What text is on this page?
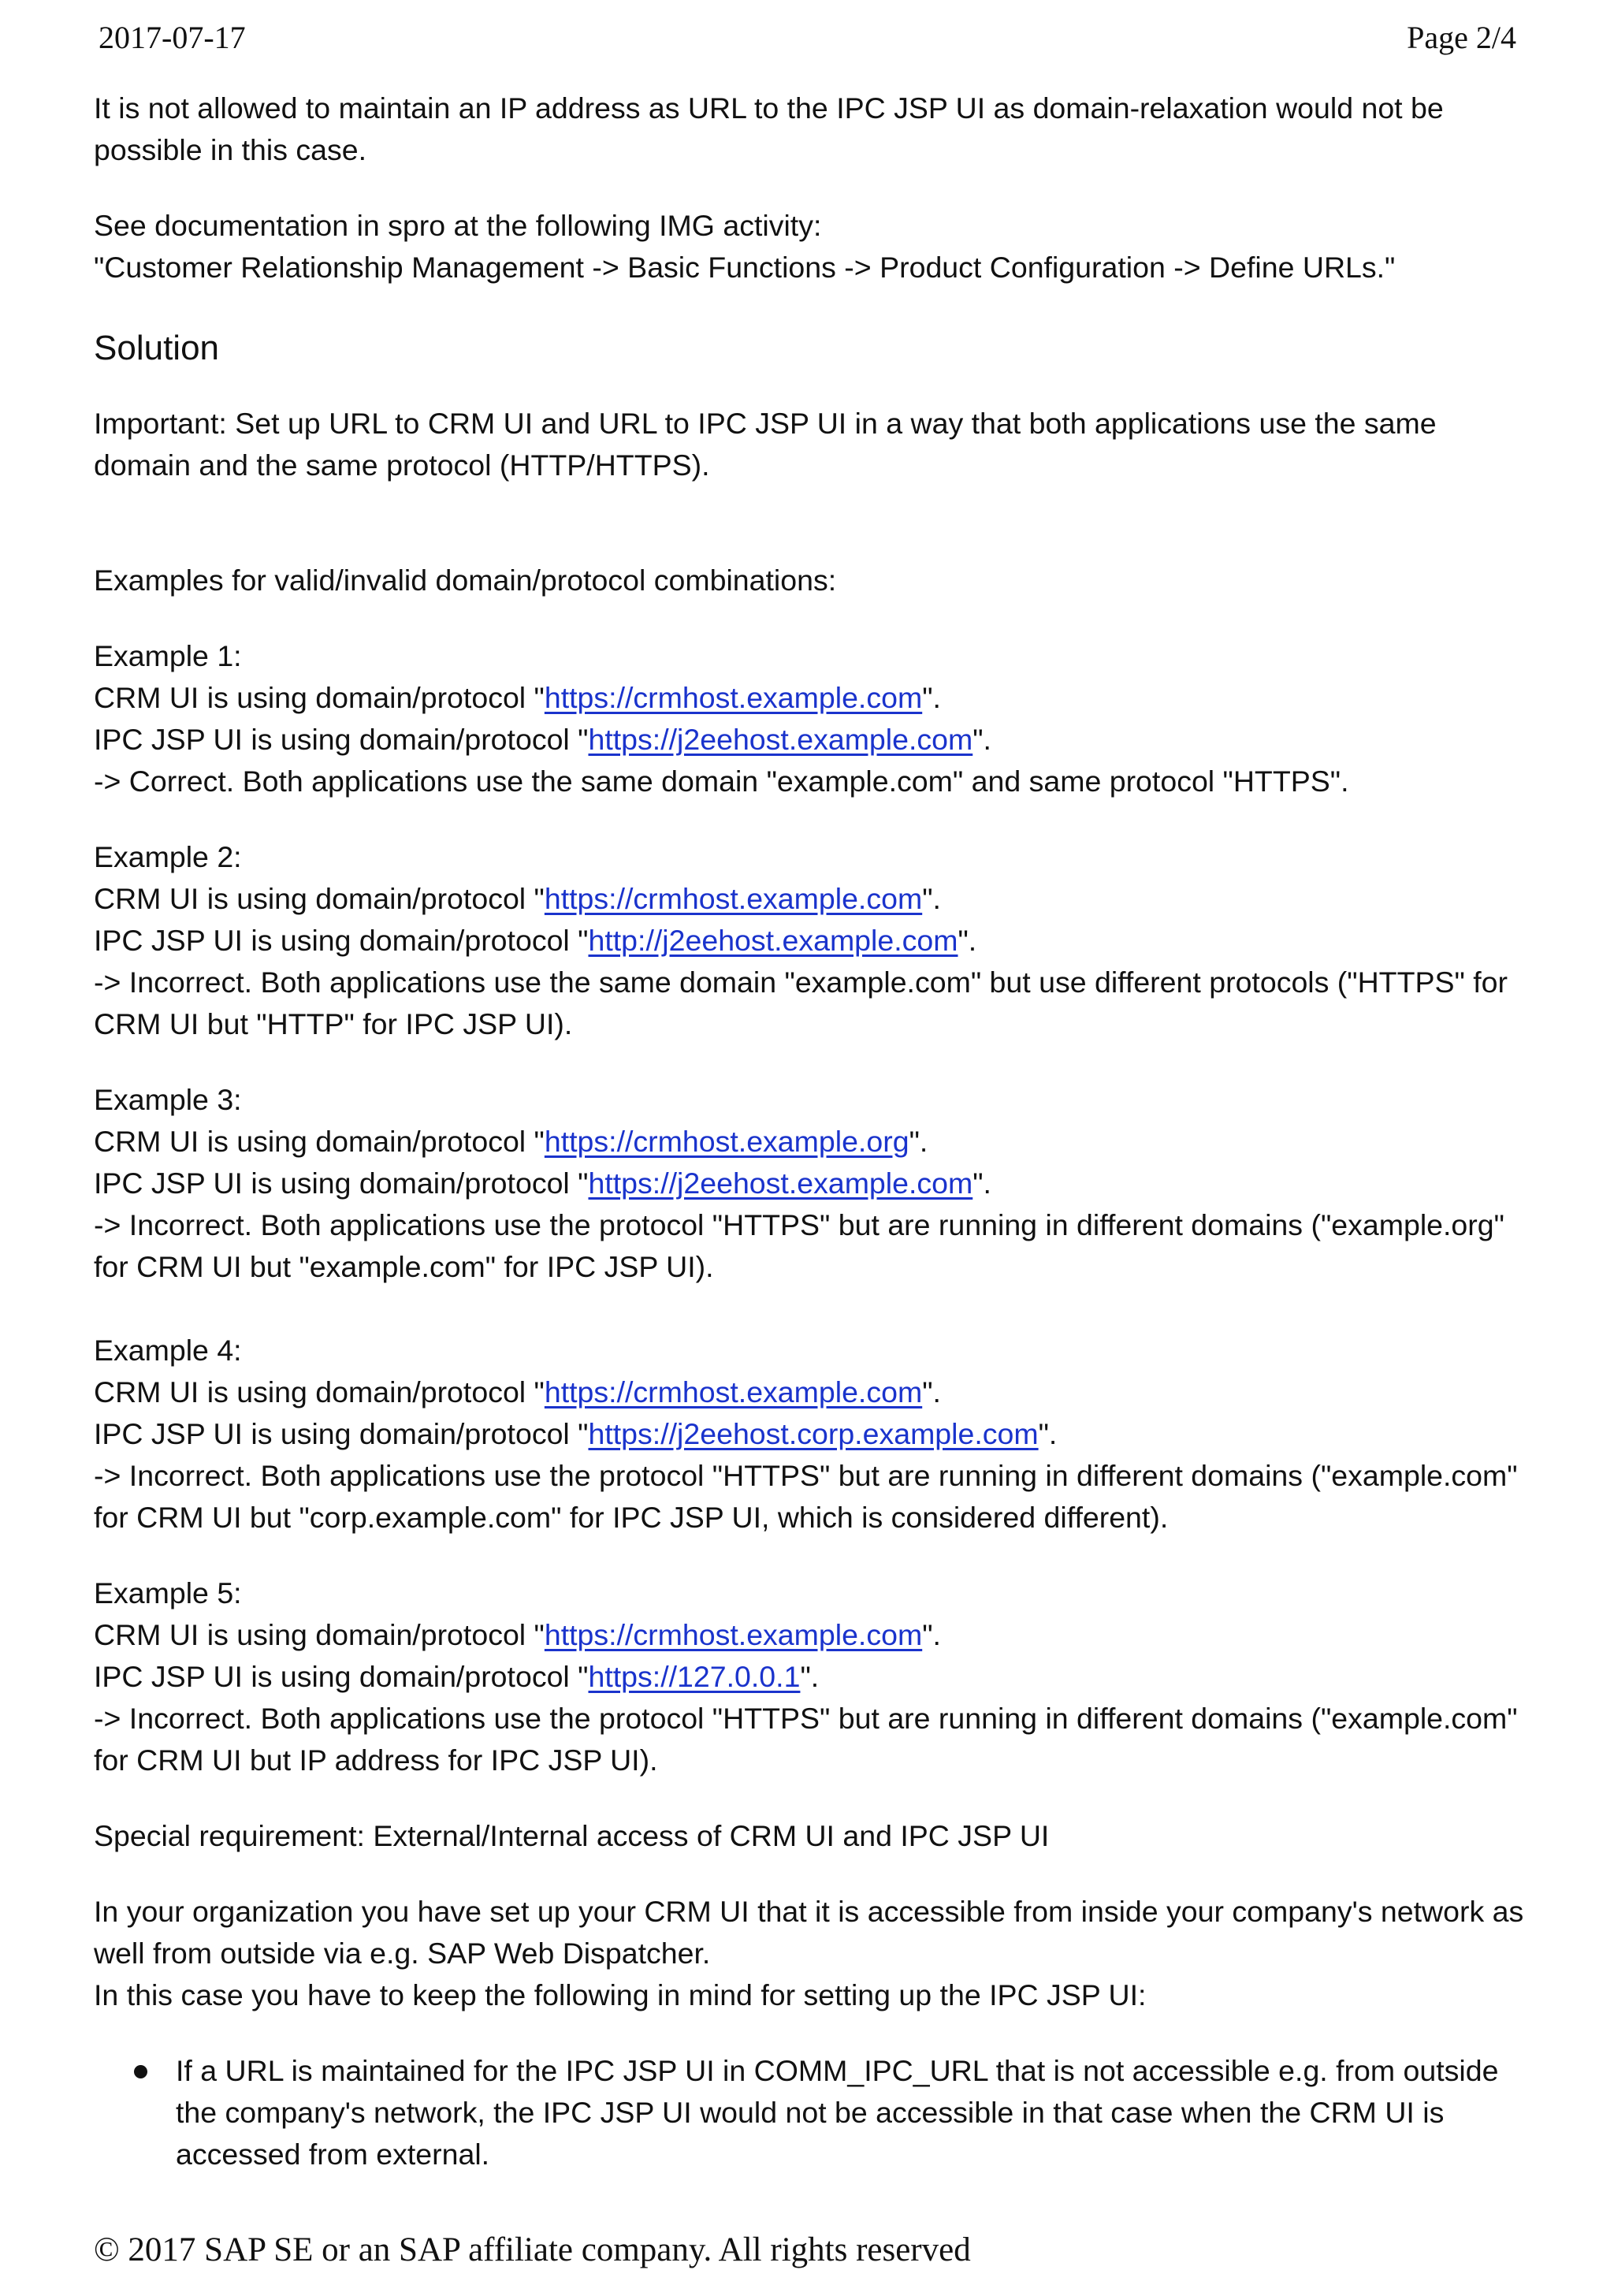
2017-07-17	Page 2/4

It is not allowed to maintain an IP address as URL to the IPC JSP UI as domain-relaxation would not be possible in this case.

See documentation in spro at the following IMG activity:

"Customer Relationship Management -> Basic Functions -> Product Configuration -> Define URLs."

Solution

Important: Set up URL to CRM UI and URL to IPC JSP UI in a way that both applications use the same domain and the same protocol (HTTP/HTTPS).

Examples for valid/invalid domain/protocol combinations:

Example 1:

CRM UI is using domain/protocol "https://crmhost.example.com".

IPC JSP UI is using domain/protocol "https://j2eehost.example.com".

-> Correct. Both applications use the same domain "example.com" and same protocol "HTTPS".

Example 2:

CRM UI is using domain/protocol "https://crmhost.example.com".

IPC JSP UI is using domain/protocol "http://j2eehost.example.com".

-> Incorrect. Both applications use the same domain "example.com" but use different protocols ("HTTPS" for CRM UI but "HTTP" for IPC JSP UI).

Example 3:

CRM UI is using domain/protocol "https://crmhost.example.org".

IPC JSP UI is using domain/protocol "https://j2eehost.example.com".

-> Incorrect. Both applications use the protocol "HTTPS" but are running in different domains ("example.org" for CRM UI but "example.com" for IPC JSP UI).

Example 4:

CRM UI is using domain/protocol "https://crmhost.example.com".

IPC JSP UI is using domain/protocol "https://j2eehost.corp.example.com".

-> Incorrect. Both applications use the protocol "HTTPS" but are running in different domains ("example.com" for CRM UI but "corp.example.com" for IPC JSP UI, which is considered different).

Example 5:

CRM UI is using domain/protocol "https://crmhost.example.com".

IPC JSP UI is using domain/protocol "https://127.0.0.1".

-> Incorrect. Both applications use the protocol "HTTPS" but are running in different domains ("example.com" for CRM UI but IP address for IPC JSP UI).

Special requirement: External/Internal access of CRM UI and IPC JSP UI

In your organization you have set up your CRM UI that it is accessible from inside your company's network as well from outside via e.g. SAP Web Dispatcher.

In this case you have to keep the following in mind for setting up the IPC JSP UI:

If a URL is maintained for the IPC JSP UI in COMM_IPC_URL that is not accessible e.g. from outside the company's network, the IPC JSP UI would not be accessible in that case when the CRM UI is accessed from external.
© 2017 SAP SE or an SAP affiliate company. All rights reserved
